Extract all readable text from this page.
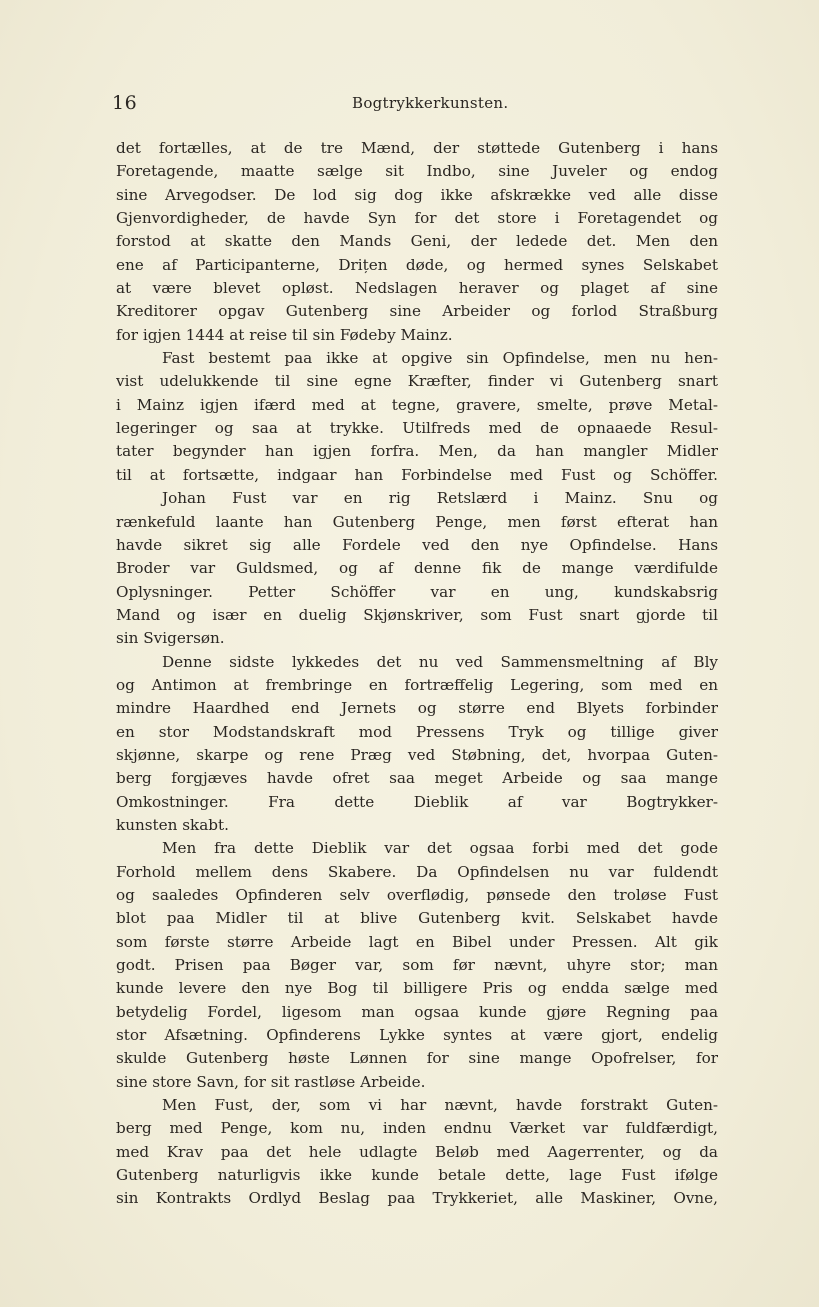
16	Bogtrykkerkunsten.
det fortælles, at de tre Mænd, der støttede Gutenberg i hans
Foretagende, maatte sælge sit Indbo, sine Juveler og endog
sine Arvegodser. De lod sig dog ikke afskrække ved alle disse
Gjenvordigheder, de havde Syn for det store i Foretagendet og
forstod at skatte den Mands Geni, der ledede det. Men den
ene af Participanterne, Drițen døde, og hermed synes Selskabet
at være blevet opløst. Nedslagen heraver og plaget af sine
Kreditorer opgav Gutenberg sine Arbeider og forlod Straßburg
for igjen 1444 at reise til sin Fødeby Mainz.
Fast bestemt paa ikke at opgive sin Opfindelse, men nu hen-
vist udelukkende til sine egne Kræfter, finder vi Gutenberg snart
i Mainz igjen ifærd med at tegne, gravere, smelte, prøve Metal-
legeringer og saa at trykke. Utilfreds med de opnaaede Resul-
tater begynder han igjen forfra. Men, da han mangler Midler
til at fortsætte, indgaar han Forbindelse med Fust og Schöffer.
Johan Fust var en rig Retslærd i Mainz. Snu og
rænkefuld laante han Gutenberg Penge, men først efterat han
havde sikret sig alle Fordele ved den nye Opfindelse. Hans
Broder var Guldsmed, og af denne fik de mange værdifulde
Oplysninger. Petter Schöffer var en ung, kundskabsrig
Mand og især en duelig Skjønskriver, som Fust snart gjorde til
sin Svigersøn.
Denne sidste lykkedes det nu ved Sammensmeltning af Bly
og Antimon at frembringe en fortræffelig Legering, som med en
mindre Haardhed end Jernets og større end Blyets forbinder
en stor Modstandskraft mod Pressens Tryk og tillige giver
skjønne, skarpe og rene Præg ved Støbning, det, hvorpaa Guten-
berg forgjæves havde ofret saa meget Arbeide og saa mange
Omkostninger. Fra dette Dieblik af var Bogtrykker-
kunsten skabt.
Men fra dette Dieblik var det ogsaa forbi med det gode
Forhold mellem dens Skabere. Da Opfindelsen nu var fuldendt
og saaledes Opfinderen selv overflødig, pønsede den troløse Fust
blot paa Midler til at blive Gutenberg kvit. Selskabet havde
som første større Arbeide lagt en Bibel under Pressen. Alt gik
godt. Prisen paa Bøger var, som før nævnt, uhyre stor; man
kunde levere den nye Bog til billigere Pris og endda sælge med
betydelig Fordel, ligesom man ogsaa kunde gjøre Regning paa
stor Afsætning. Opfinderens Lykke syntes at være gjort, endelig
skulde Gutenberg høste Lønnen for sine mange Opofrelser, for
sine store Savn, for sit rastløse Arbeide.
Men Fust, der, som vi har nævnt, havde forstrakt Guten-
berg med Penge, kom nu, inden endnu Værket var fuldfærdigt,
med Krav paa det hele udlagte Beløb med Aagerrenter, og da
Gutenberg naturligvis ikke kunde betale dette, lage Fust ifølge
sin Kontrakts Ordlyd Beslag paa Trykkeriet, alle Maskiner, Ovne,
